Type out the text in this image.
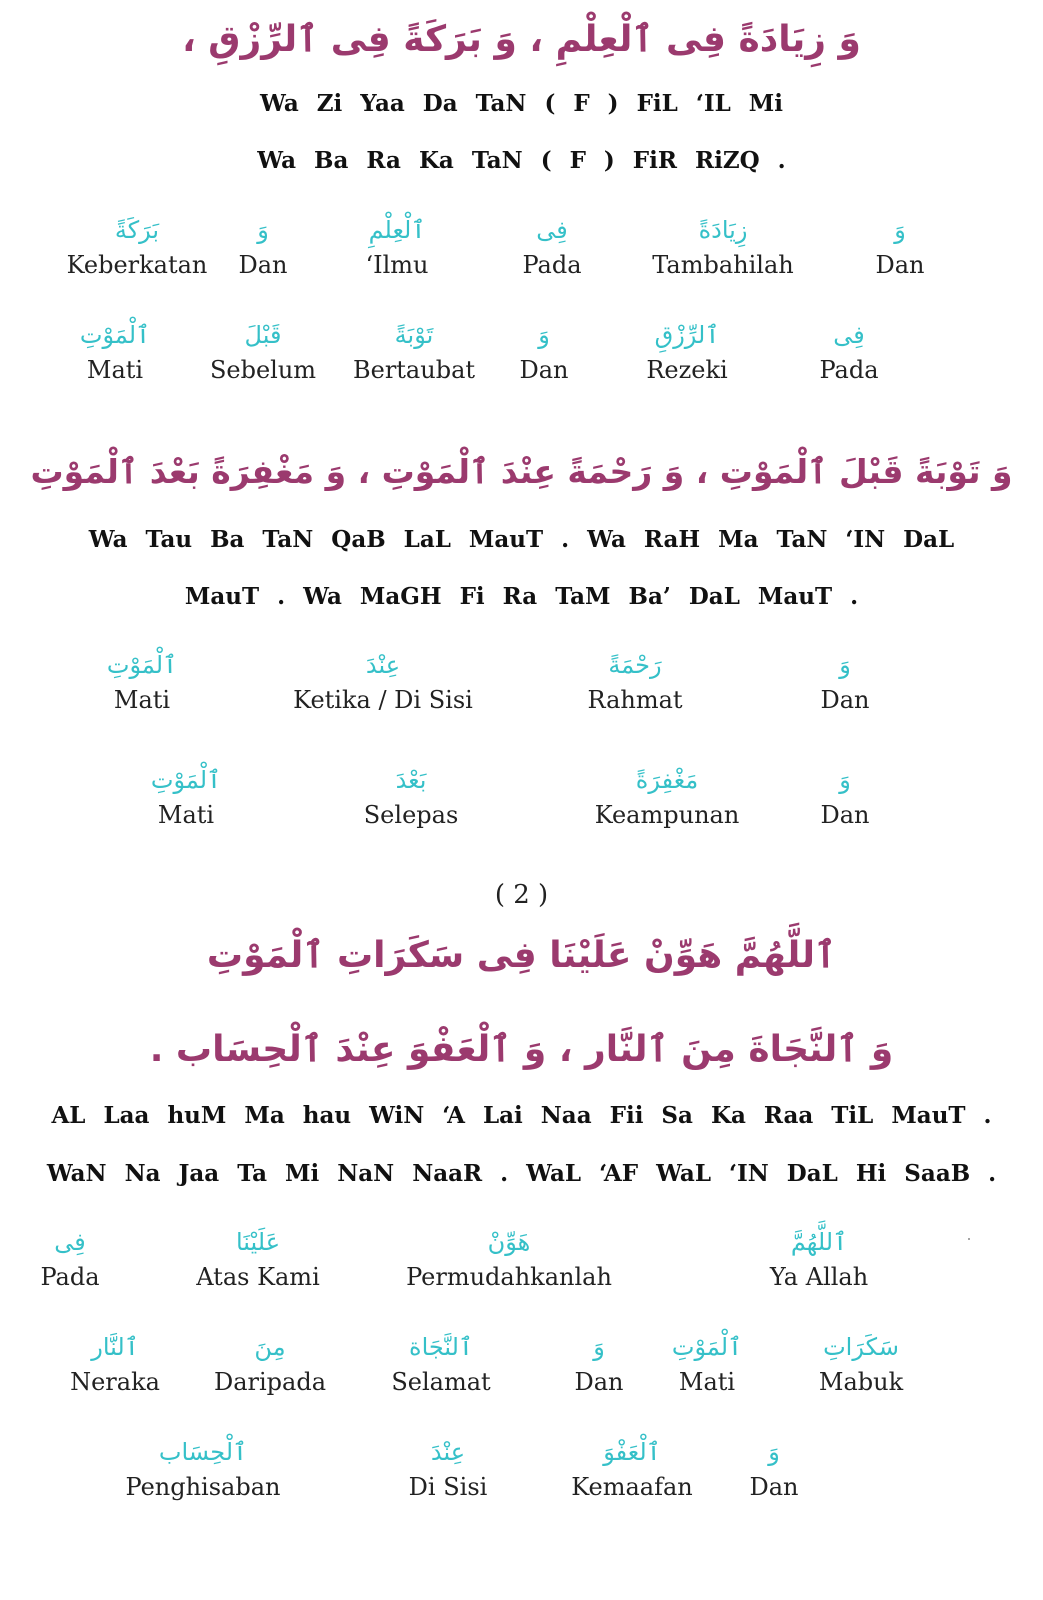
وَ زِيَادَةً فِى ٱلْعِلْمِ ، وَ بَرَكَةً فِى ٱلرِّزْقِ ،
Wa Zi Yaa Da TaN ( F ) FiL ‘IL Mi
Wa Ba Ra Ka TaN ( F ) FiR RiZQ .
بَرَكَةً
Keberkatan
وَ
Dan
ٱلْعِلْمِ
‘Ilmu
فِى
Pada
زِيَادَةً
Tambahilah
وَ
Dan
ٱلْمَوْتِ
Mati
قَبْلَ
Sebelum
تَوْبَةً
Bertaubat
وَ
Dan
ٱلرِّزْقِ
Rezeki
فِى
Pada
وَ تَوْبَةً قَبْلَ ٱلْمَوْتِ ، وَ رَحْمَةً عِنْدَ ٱلْمَوْتِ ، وَ مَغْفِرَةً بَعْدَ ٱلْمَوْتِ
Wa Tau Ba TaN QaB LaL MauT . Wa RaH Ma TaN ‘IN DaL
MauT . Wa MaGH Fi Ra TaM Ba’ DaL MauT .
ٱلْمَوْتِ
Mati
عِنْدَ
Ketika / Di Sisi
رَحْمَةً
Rahmat
وَ
Dan
ٱلْمَوْتِ
Mati
بَعْدَ
Selepas
مَغْفِرَةً
Keampunan
وَ
Dan
( 2 )
ٱللَّهُمَّ هَوِّنْ عَلَيْنَا فِى سَكَرَاتِ ٱلْمَوْتِ
وَ ٱلنَّجَاةَ مِنَ ٱلنَّار ، وَ ٱلْعَفْوَ عِنْدَ ٱلْحِسَاب .
AL Laa huM Ma hau WiN ‘A Lai Naa Fii Sa Ka Raa TiL MauT .
WaN Na Jaa Ta Mi NaN NaaR . WaL ‘AF WaL ‘IN DaL Hi SaaB .
فِى
Pada
عَلَيْنَا
Atas Kami
هَوِّنْ
Permudahkanlah
ٱللَّهُمَّ
Ya Allah
ٱلنَّار
Neraka
مِنَ
Daripada
ٱلنَّجَاة
Selamat
وَ
Dan
ٱلْمَوْتِ
Mati
سَكَرَاتِ
Mabuk
ٱلْحِسَاب
Penghisaban
عِنْدَ
Di Sisi
ٱلْعَفْوَ
Kemaafan
وَ
Dan
